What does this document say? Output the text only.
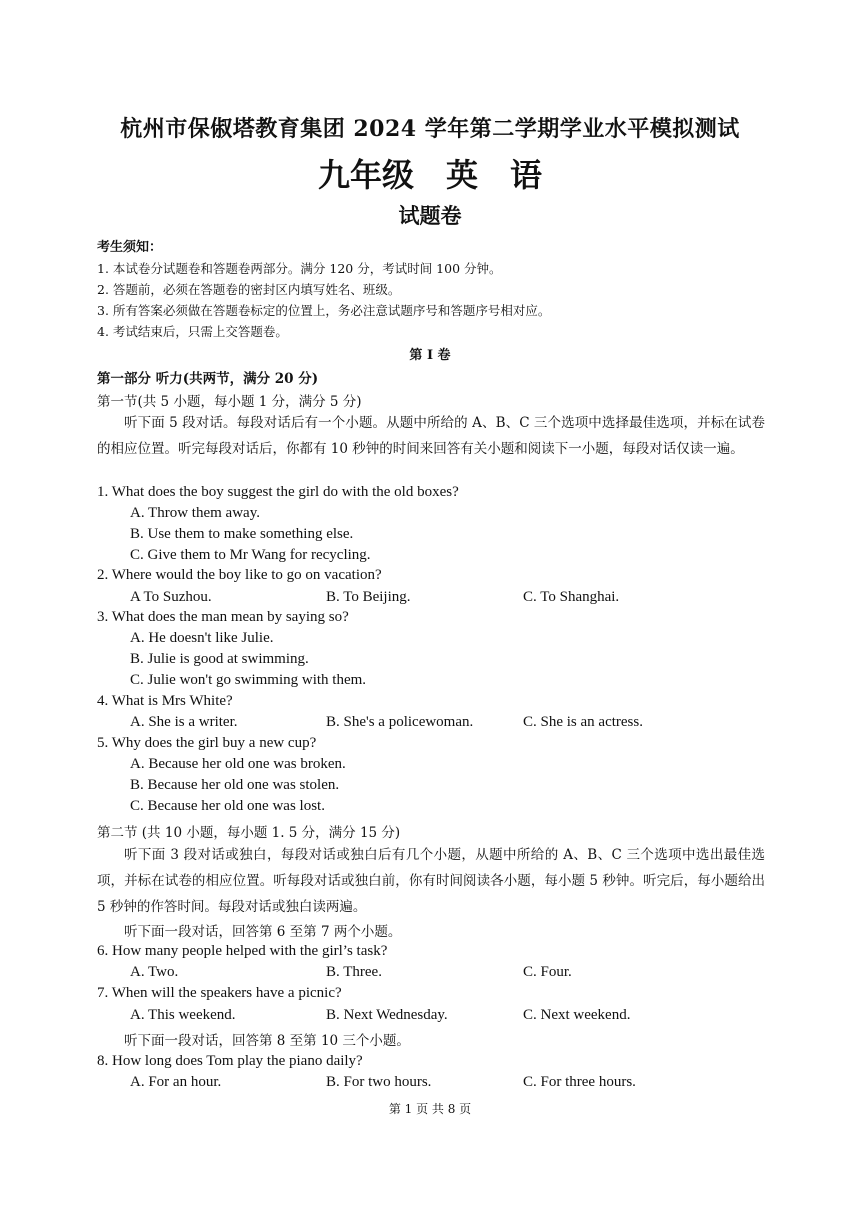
杭州市保俶塔教育集团 2024 学年第二学期学业水平模拟测试
九年级　英　语
试题卷
考生须知：
1. 本试卷分试题卷和答题卷两部分。满分 120 分，考试时间 100 分钟。
2. 答题前，必须在答题卷的密封区内填写姓名、班级。
3. 所有答案必须做在答题卷标定的位置上，务必注意试题序号和答题序号相对应。
4. 考试结束后，只需上交答题卷。
第 I 卷
第一部分 听力(共两节，满分 20 分)
第一节(共 5 小题，每小题 1 分，满分 5 分)
听下面 5 段对话。每段对话后有一个小题。从题中所给的 A、B、C 三个选项中选择最佳选项，并标在试卷的相应位置。听完每段对话后，你都有 10 秒钟的时间来回答有关小题和阅读下一小题，每段对话仅读一遍。
1. What does the boy suggest the girl do with the old boxes?
A. Throw them away.
B. Use them to make something else.
C. Give them to Mr Wang for recycling.
2. Where would the boy like to go on vacation?
A To Suzhou.	B. To Beijing.	C. To Shanghai.
3. What does the man mean by saying so?
A. He doesn't like Julie.
B. Julie is good at swimming.
C. Julie won't go swimming with them.
4. What is Mrs White?
A. She is a writer.	B. She's a policewoman.	C. She is an actress.
5. Why does the girl buy a new cup?
A. Because her old one was broken.
B. Because her old one was stolen.
C. Because her old one was lost.
第二节 (共 10 小题，每小题 1. 5 分，满分 15 分)
听下面 3 段对话或独白，每段对话或独白后有几个小题，从题中所给的 A、B、C 三个选项中选出最佳选项，并标在试卷的相应位置。听每段对话或独白前，你有时间阅读各小题，每小题 5 秒钟。听完后，每小题给出 5 秒钟的作答时间。每段对话或独白读两遍。
听下面一段对话，回答第 6 至第 7 两个小题。
6. How many people helped with the girl’s task?
A. Two.	B. Three.	C. Four.
7. When will the speakers have a picnic?
A. This weekend.	B. Next Wednesday.	C. Next weekend.
听下面一段对话，回答第 8 至第 10 三个小题。
8. How long does Tom play the piano daily?
A. For an hour.	B. For two hours.	C. For three hours.
第 1 页 共 8 页
